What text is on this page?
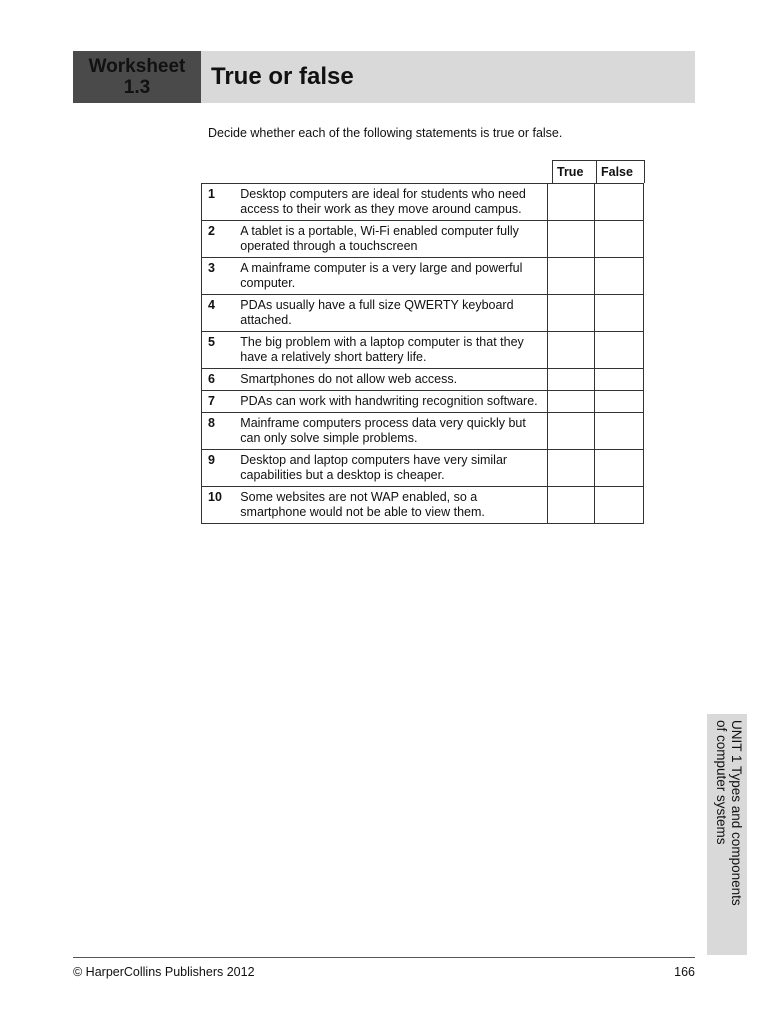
Worksheet
1.3	True or false
Decide whether each of the following statements is true or false.
True	False
1	Desktop computers are ideal for students who need access to their work as they move around campus.		
2	A tablet is a portable, Wi-Fi enabled computer fully operated through a touchscreen		
3	A mainframe computer is a very large and powerful computer.		
4	PDAs usually have a full size QWERTY keyboard attached.		
5	The big problem with a laptop computer is that they have a relatively short battery life.		
6	Smartphones do not allow web access.		
7	PDAs can work with handwriting recognition software.		
8	Mainframe computers process data very quickly but can only solve simple problems.		
9	Desktop and laptop computers have very similar capabilities but a desktop is cheaper.		
10	Some websites are not WAP enabled, so a smartphone would not be able to view them.		
UNIT 1 Types and components
of computer systems
© HarperCollins Publishers 2012	166
